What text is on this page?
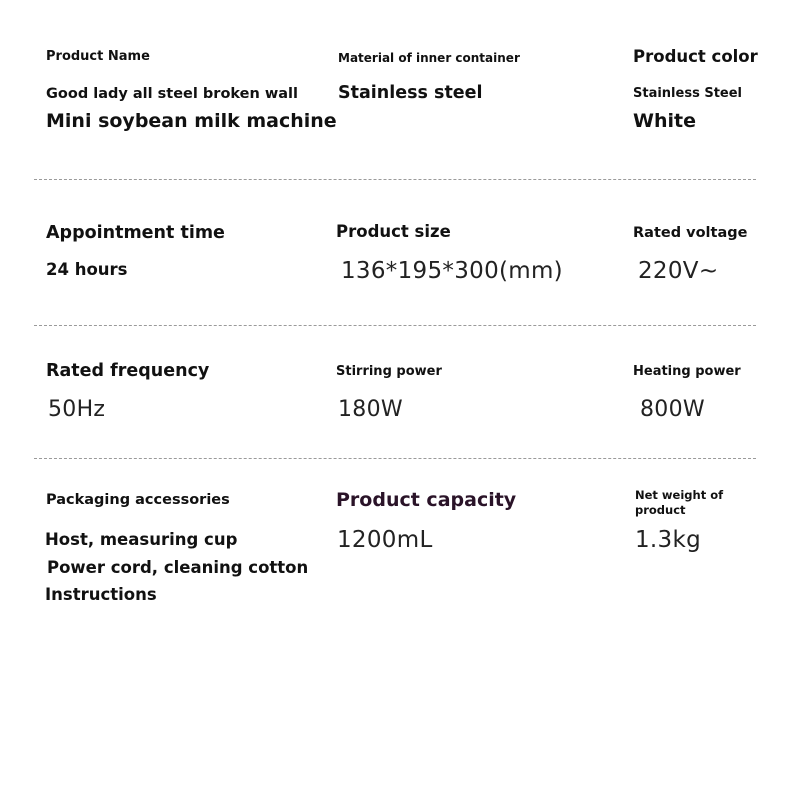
Product Name
Good lady all steel broken wall
Mini soybean milk machine
Material of inner container
Stainless steel
Product color
Stainless Steel
White
Appointment time
24 hours
Product size
136*195*300(mm)
Rated voltage
220V~
Rated frequency
50Hz
Stirring power
180W
Heating power
800W
Packaging accessories
Host, measuring cup
Power cord, cleaning cotton
Instructions
Product capacity
1200mL
Net weight of
product
1.3kg
